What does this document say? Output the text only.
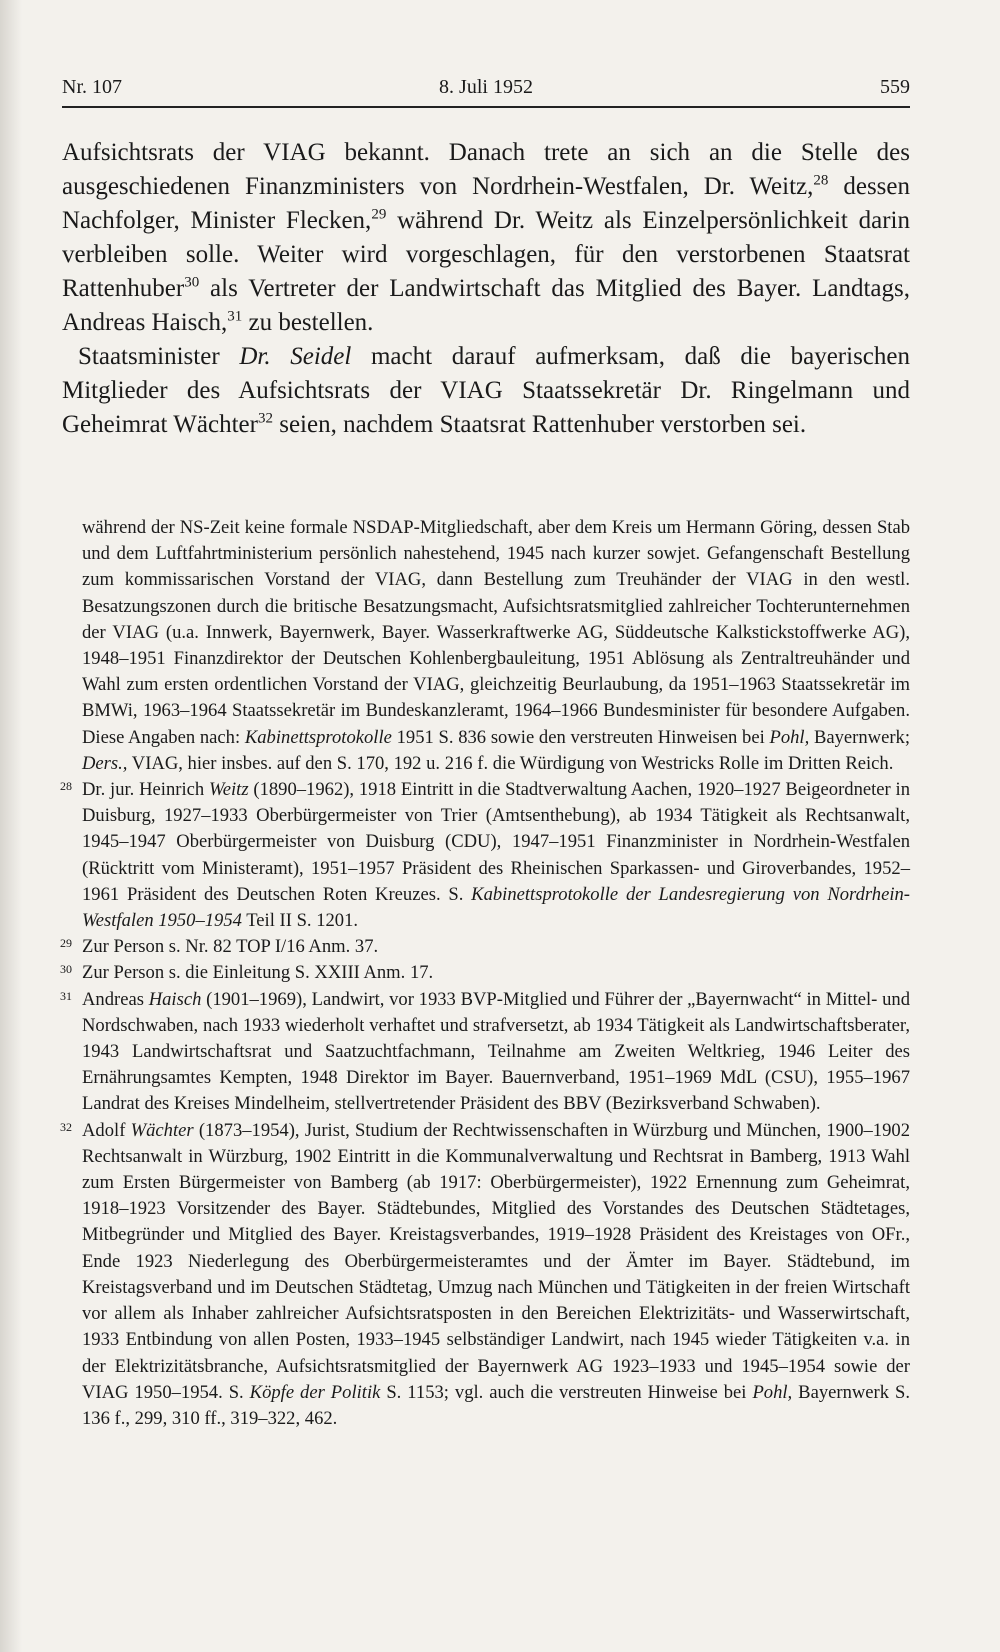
Nr. 107	8. Juli 1952	559

Aufsichtsrats der VIAG bekannt. Danach trete an sich an die Stelle des ausgeschiedenen Finanzministers von Nordrhein-Westfalen, Dr. Weitz,$^{28}$ dessen Nachfolger, Minister Flecken,$^{29}$ während Dr. Weitz als Einzelpersönlichkeit darin verbleiben solle. Weiter wird vorgeschlagen, für den verstorbenen Staatsrat Rattenhuber$^{30}$ als Vertreter der Landwirtschaft das Mitglied des Bayer. Landtags, Andreas Haisch,$^{31}$ zu bestellen.

Staatsminister Dr. Seidel macht darauf aufmerksam, daß die bayerischen Mitglieder des Aufsichtsrats der VIAG Staatssekretär Dr. Ringelmann und Geheimrat Wächter$^{32}$ seien, nachdem Staatsrat Rattenhuber verstorben sei.

während der NS-Zeit keine formale NSDAP-Mitgliedschaft, aber dem Kreis um Hermann Göring, dessen Stab und dem Luftfahrtministerium persönlich nahestehend, 1945 nach kurzer sowjet. Gefangenschaft Bestellung zum kommissarischen Vorstand der VIAG, dann Bestellung zum Treuhänder der VIAG in den westl. Besatzungszonen durch die britische Besatzungsmacht, Aufsichtsratsmitglied zahlreicher Tochterunternehmen der VIAG (u.a. Innwerk, Bayernwerk, Bayer. Wasserkraftwerke AG, Süddeutsche Kalkstickstoffwerke AG), 1948–1951 Finanzdirektor der Deutschen Kohlenbergbauleitung, 1951 Ablösung als Zentraltreuhänder und Wahl zum ersten ordentlichen Vorstand der VIAG, gleichzeitig Beurlaubung, da 1951–1963 Staatssekretär im BMWi, 1963–1964 Staatssekretär im Bundeskanzleramt, 1964–1966 Bundesminister für besondere Aufgaben. Diese Angaben nach: Kabinettsprotokolle 1951 S. 836 sowie den verstreuten Hinweisen bei Pohl, Bayernwerk; Ders., VIAG, hier insbes. auf den S. 170, 192 u. 216 f. die Würdigung von Westricks Rolle im Dritten Reich.

28 Dr. jur. Heinrich Weitz (1890–1962), 1918 Eintritt in die Stadtverwaltung Aachen, 1920–1927 Beigeordneter in Duisburg, 1927–1933 Oberbürgermeister von Trier (Amtsenthebung), ab 1934 Tätigkeit als Rechtsanwalt, 1945–1947 Oberbürgermeister von Duisburg (CDU), 1947–1951 Finanzminister in Nordrhein-Westfalen (Rücktritt vom Ministeramt), 1951–1957 Präsident des Rheinischen Sparkassen- und Giroverbandes, 1952–1961 Präsident des Deutschen Roten Kreuzes. S. Kabinettsprotokolle der Landesregierung von Nordrhein-Westfalen 1950–1954 Teil II S. 1201.

29 Zur Person s. Nr. 82 TOP I/16 Anm. 37.

30 Zur Person s. die Einleitung S. XXIII Anm. 17.

31 Andreas Haisch (1901–1969), Landwirt, vor 1933 BVP-Mitglied und Führer der „Bayernwacht“ in Mittel- und Nordschwaben, nach 1933 wiederholt verhaftet und strafversetzt, ab 1934 Tätigkeit als Landwirtschaftsberater, 1943 Landwirtschaftsrat und Saatzuchtfachmann, Teilnahme am Zweiten Weltkrieg, 1946 Leiter des Ernährungsamtes Kempten, 1948 Direktor im Bayer. Bauernverband, 1951–1969 MdL (CSU), 1955–1967 Landrat des Kreises Mindelheim, stellvertretender Präsident des BBV (Bezirksverband Schwaben).

32 Adolf Wächter (1873–1954), Jurist, Studium der Rechtwissenschaften in Würzburg und München, 1900–1902 Rechtsanwalt in Würzburg, 1902 Eintritt in die Kommunalverwaltung und Rechtsrat in Bamberg, 1913 Wahl zum Ersten Bürgermeister von Bamberg (ab 1917: Oberbürgermeister), 1922 Ernennung zum Geheimrat, 1918–1923 Vorsitzender des Bayer. Städtebundes, Mitglied des Vorstandes des Deutschen Städtetages, Mitbegründer und Mitglied des Bayer. Kreistagsverbandes, 1919–1928 Präsident des Kreistages von OFr., Ende 1923 Niederlegung des Oberbürgermeisteramtes und der Ämter im Bayer. Städtebund, im Kreistagsverband und im Deutschen Städtetag, Umzug nach München und Tätigkeiten in der freien Wirtschaft vor allem als Inhaber zahlreicher Aufsichtsratsposten in den Bereichen Elektrizitäts- und Wasserwirtschaft, 1933 Entbindung von allen Posten, 1933–1945 selbständiger Landwirt, nach 1945 wieder Tätigkeiten v.a. in der Elektrizitätsbranche, Aufsichtsratsmitglied der Bayernwerk AG 1923–1933 und 1945–1954 sowie der VIAG 1950–1954. S. Köpfe der Politik S. 1153; vgl. auch die verstreuten Hinweise bei Pohl, Bayernwerk S. 136 f., 299, 310 ff., 319–322, 462.
